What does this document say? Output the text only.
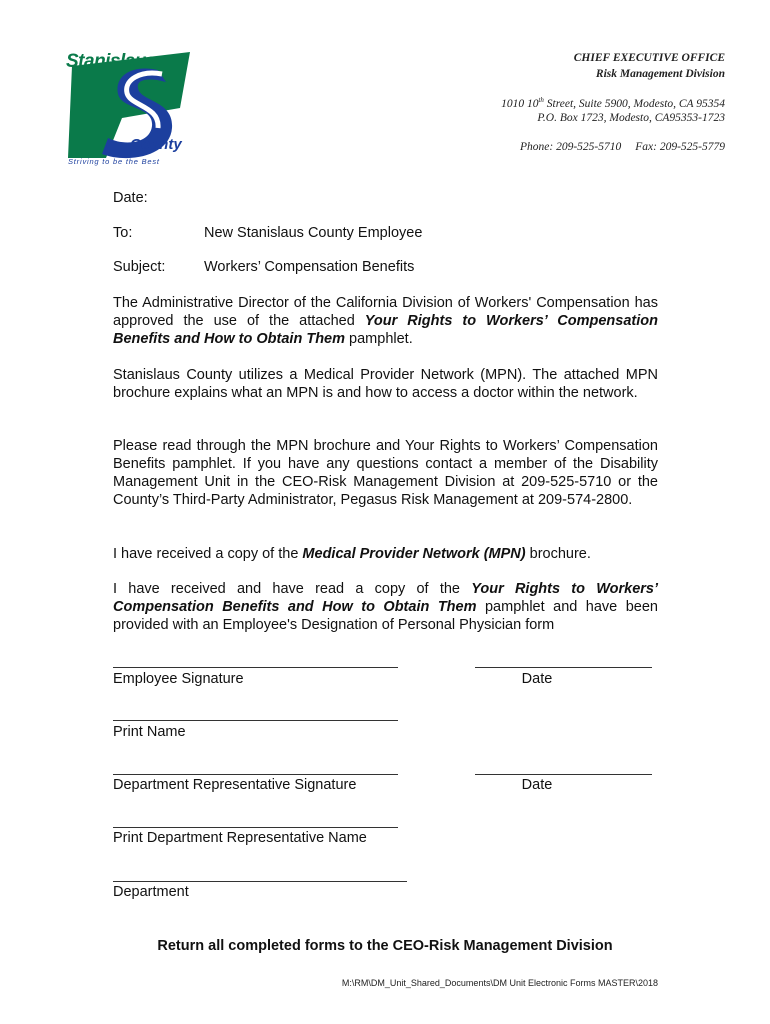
Stanislaus
County
Striving to be the Best
CHIEF EXECUTIVE OFFICE
Risk Management Division
1010 10th Street, Suite 5900, Modesto, CA 95354
P.O. Box 1723, Modesto, CA95353-1723
Phone: 209-525-5710 Fax: 209-525-5779
Date:
To:	New Stanislaus County Employee
Subject:	Workers’ Compensation Benefits
The Administrative Director of the California Division of Workers' Compensation has approved the use of the attached Your Rights to Workers’ Compensation Benefits and How to Obtain Them pamphlet.
Stanislaus County utilizes a Medical Provider Network (MPN). The attached MPN brochure explains what an MPN is and how to access a doctor within the network.
Please read through the MPN brochure and Your Rights to Workers’ Compensation Benefits pamphlet. If you have any questions contact a member of the Disability Management Unit in the CEO-Risk Management Division at 209-525-5710 or the County’s Third-Party Administrator, Pegasus Risk Management at 209-574-2800.
I have received a copy of the Medical Provider Network (MPN) brochure.
I have received and have read a copy of the Your Rights to Workers’ Compensation Benefits and How to Obtain Them pamphlet and have been provided with an Employee's Designation of Personal Physician form
Employee Signature	Date
Print Name
Department Representative Signature	Date
Print Department Representative Name
Department
Return all completed forms to the CEO-Risk Management Division
M:\RM\DM_Unit_Shared_Documents\DM Unit Electronic Forms MASTER\2018
